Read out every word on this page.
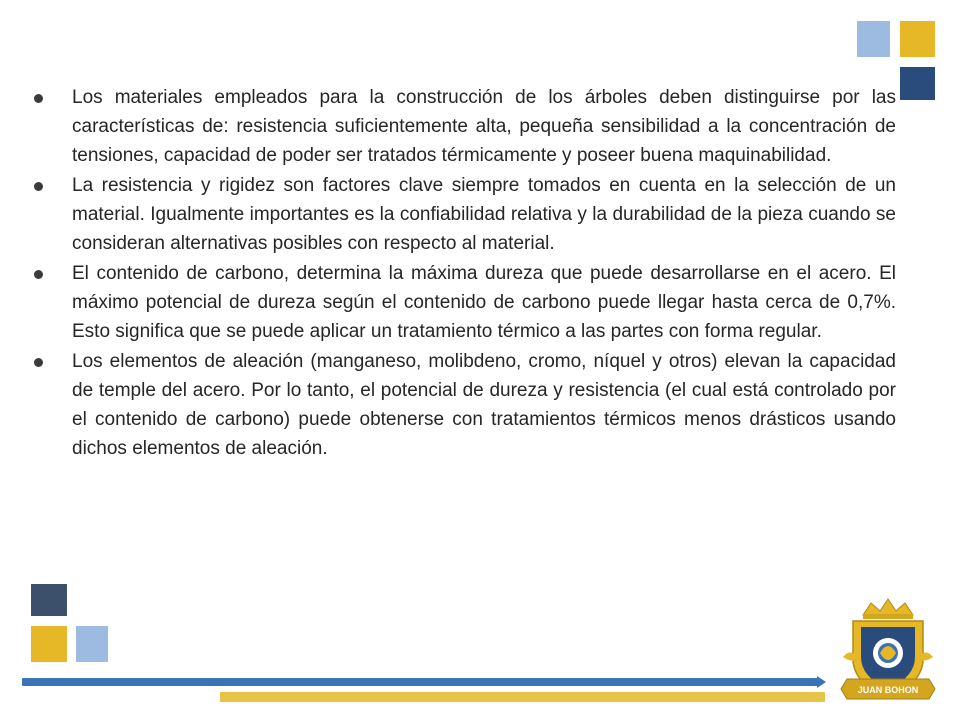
Los materiales empleados para la construcción de los árboles deben distinguirse por las características de: resistencia suficientemente alta, pequeña sensibilidad a la concentración de tensiones, capacidad de poder ser tratados térmicamente y poseer buena maquinabilidad.
La resistencia y rigidez son factores clave siempre tomados en cuenta en la selección de un material. Igualmente importantes es la confiabilidad relativa y la durabilidad de la pieza cuando se consideran alternativas posibles con respecto al material.
El contenido de carbono, determina la máxima dureza que puede desarrollarse en el acero. El máximo potencial de dureza según el contenido de carbono puede llegar hasta cerca de 0,7%. Esto significa que se puede aplicar un tratamiento térmico a las partes con forma regular.
Los elementos de aleación (manganeso, molibdeno, cromo, níquel y otros) elevan la capacidad de temple del acero. Por lo tanto, el potencial de dureza y resistencia (el cual está controlado por el contenido de carbono) puede obtenerse con tratamientos térmicos menos drásticos usando dichos elementos de aleación.
JUAN BOHON
